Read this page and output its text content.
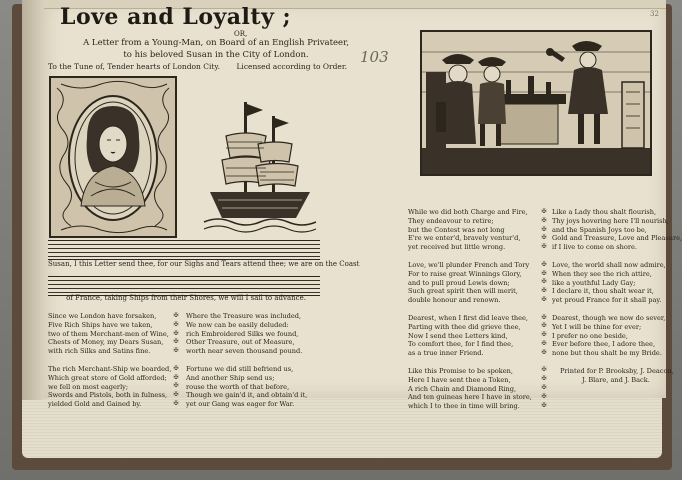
Love and Loyalty ;
OR,
A Letter from a Young-Man, on Board of an English Privateer,
to his beloved Susan in the City of London.
To the Tune of, Tender hearts of London City. Licensed according to Order.
103
32
Susan, I this Letter send thee, for our Sighs and Tears attend thee; we are on the Coast
of France, taking Ships from their Shores, we will I sail to advance.
Since we London have forsaken,
Five Rich Ships have we taken,
two of them Merchant-men of Wine,
Chests of Money, my Dears Susan,
with rich Silks and Satins fine.
The rich Merchant-Ship we boarded,
Which great store of Gold afforded;
we fell on most eagerly;
Swords and Pistols, both in fulness,
yielded Gold and Gained by.
✠
✠
✠
✠
✠

✠
✠
✠
✠
✠
Where the Treasure was included,
We now can be easily deluded:
rich Embroidered Silks we found,
Other Treasure, out of Measure,
worth near seven thousand pound.
Fortune we did still befriend us,
And another Ship send us;
rouse the worth of that before,
Though we gain'd it, and obtain'd it,
yet our Gang was eager for War.
While we did both Charge and Fire,
They endeavour to retire;
but the Contest was not long
E're we enter'd, bravely ventur'd,
yet received but little wrong.
Love, we'll plunder French and Tory
For to raise great Winnings Glory,
and to pull proud Lewis down;
Such great spirit then will merit,
double honour and renown.
Dearest, when I first did leave thee,
Parting with thee did grieve thee,
Now I send thee Letters kind,
To comfort thee, for I find thee,
as a true inner Friend.
Like this Promise to be spoken,
Here I have sent thee a Token,
A rich Chain and Diamond Ring,
And ten guineas here I have in store,
which I to thee in time will bring.
✠
✠
✠
✠
✠

✠
✠
✠
✠
✠

✠
✠
✠
✠
✠

✠
✠
✠
✠
✠
Like a Lady thou shalt flourish,
Thy joys hovering here I'll nourish,
and the Spanish Joys too be,
Gold and Treasure, Love and Pleasure,
if I live to come on shore.
Love, the world shall now admire,
When they see the rich attire,
like a youthful Lady Gay;
I declare it, thou shalt wear it,
yet proud France for it shall pay.
Dearest, though we now do sever,
Yet I will be thine for ever;
I prefer no one beside,
Ever before thee, I adore thee,
none but thou shalt be my Bride.
Printed for P. Brooksby, J. Deacon,
J. Blare, and J. Back.
